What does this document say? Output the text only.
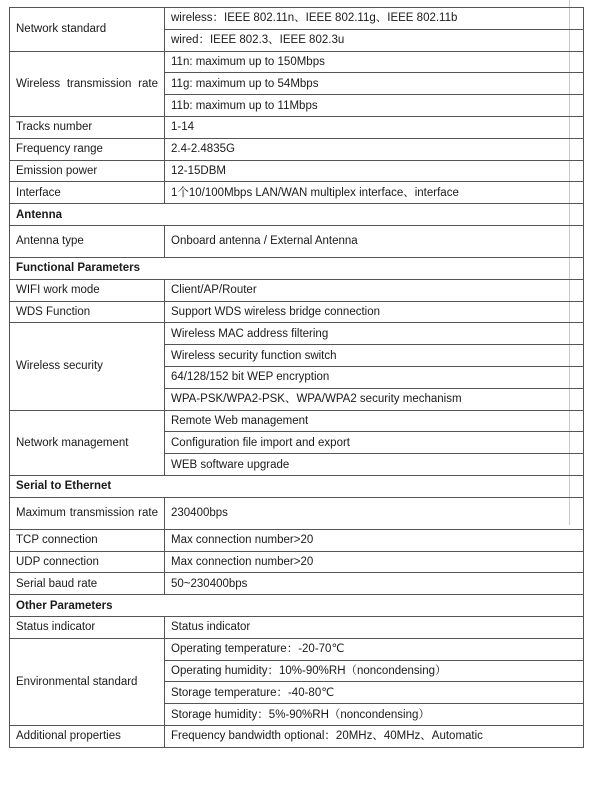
Network standard	wireless：IEEE 802.11n、IEEE 802.11g、IEEE 802.11b
	wired：IEEE 802.3、IEEE 802.3u

Wireless transmission rate	11n: maximum up to 150Mbps
	11g: maximum up to 54Mbps
	11b: maximum up to 11Mbps
Tracks number	1-14
Frequency range	2.4-2.4835G
Emission power	12-15DBM
Interface	1个10/100Mbps LAN/WAN multiplex interface、interface
Antenna	
Antenna type	Onboard antenna / External Antenna
Functional Parameters	
WIFI work mode	Client/AP/Router
WDS Function	Support WDS wireless bridge connection
Wireless security	Wireless MAC address filtering
	Wireless security function switch
	64/128/152 bit WEP encryption
	WPA-PSK/WPA2-PSK、WPA/WPA2 security mechanism
Network management	Remote Web management
	Configuration file import and export
	WEB software upgrade
Serial to Ethernet	

Maximum transmission rate	230400bps
TCP connection	Max connection number>20
UDP connection	Max connection number>20
Serial baud rate	50~230400bps
Other Parameters	
Status indicator	Status indicator
Environmental standard	Operating temperature：-20-70℃
	Operating humidity：10%-90%RH（noncondensing）
	Storage temperature：-40-80℃
	Storage humidity：5%-90%RH（noncondensing）
Additional properties	Frequency bandwidth optional：20MHz、40MHz、Automatic
